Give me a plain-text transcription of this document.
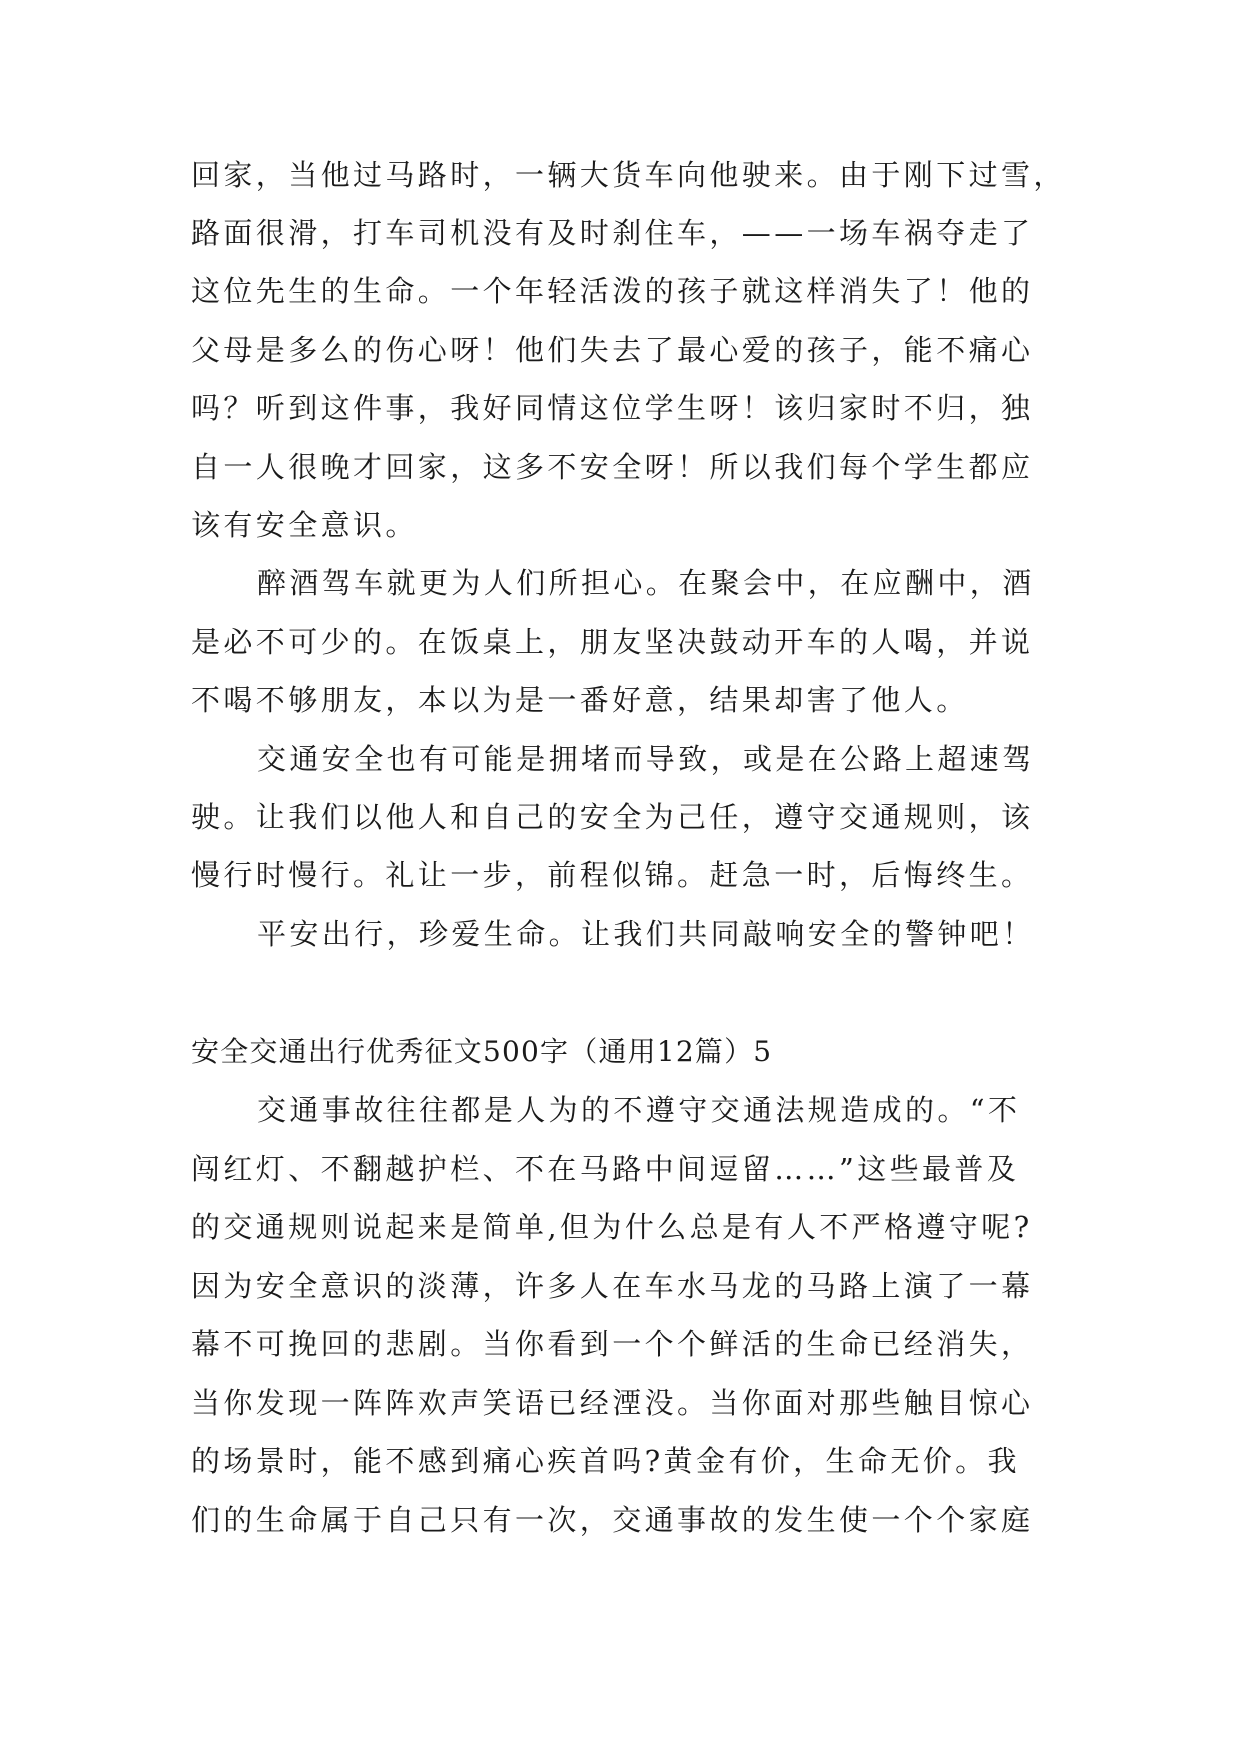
回家，当他过马路时，一辆大货车向他驶来。由于刚下过雪，
路面很滑，打车司机没有及时刹住车，——一场车祸夺走了
这位先生的生命。一个年轻活泼的孩子就这样消失了！他的
父母是多么的伤心呀！他们失去了最心爱的孩子，能不痛心
吗？听到这件事，我好同情这位学生呀！该归家时不归，独
自一人很晚才回家，这多不安全呀！所以我们每个学生都应
该有安全意识。
醉酒驾车就更为人们所担心。在聚会中，在应酬中，酒
是必不可少的。在饭桌上，朋友坚决鼓动开车的人喝，并说
不喝不够朋友，本以为是一番好意，结果却害了他人。
交通安全也有可能是拥堵而导致，或是在公路上超速驾
驶。让我们以他人和自己的安全为己任，遵守交通规则，该
慢行时慢行。礼让一步，前程似锦。赶急一时，后悔终生。
平安出行，珍爱生命。让我们共同敲响安全的警钟吧！
安全交通出行优秀征文500字（通用12篇）5
交通事故往往都是人为的不遵守交通法规造成的。“不
闯红灯、不翻越护栏、不在马路中间逗留……”这些最普及
的交通规则说起来是简单,但为什么总是有人不严格遵守呢?
因为安全意识的淡薄，许多人在车水马龙的马路上演了一幕
幕不可挽回的悲剧。当你看到一个个鲜活的生命已经消失，
当你发现一阵阵欢声笑语已经湮没。当你面对那些触目惊心
的场景时，能不感到痛心疾首吗?黄金有价，生命无价。我
们的生命属于自己只有一次，交通事故的发生使一个个家庭
